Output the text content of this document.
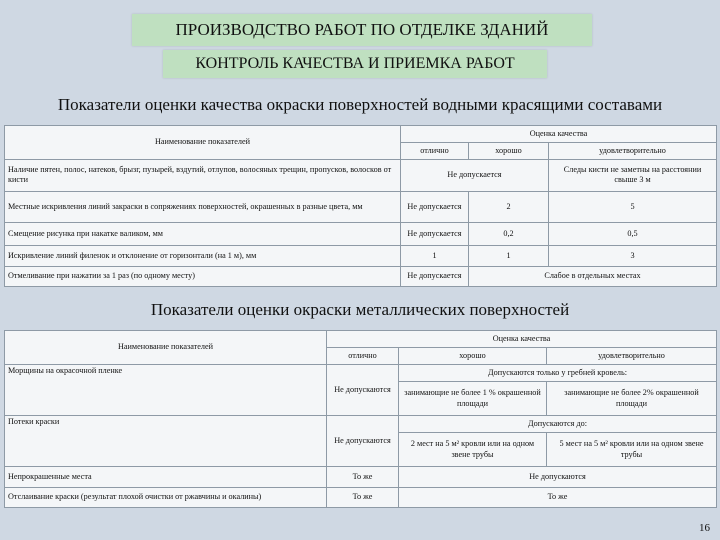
ПРОИЗВОДСТВО РАБОТ ПО ОТДЕЛКЕ ЗДАНИЙ
КОНТРОЛЬ КАЧЕСТВА И ПРИЕМКА РАБОТ
Показатели оценки качества окраски поверхностей водными красящими составами
Наименование показателей	Оценка качества		
	отлично	хорошо	удовлетворительно
Наличие пятен, полос, натеков, брызг, пузырей, вздутий, отлупов, волосяных трещин, пропусков, волосков от кисти	Не допускается		Следы кисти не заметны на расстоянии свыше 3 м
Местные искривления линий закраски в сопряжениях поверхностей, окрашенных в разные цвета, мм	Не допускается	2	5
Смещение рисунка при накатке валиком, мм	Не допускается	0,2	0,5
Искривление линий филенок и отклонение от горизонтали (на 1 м), мм	1	1	3
Отмеливание при нажатии за 1 раз (по одному месту)	Не допускается	Слабое в отдельных местах	
Показатели оценки окраски металлических поверхностей
Наименование показателей	Оценка качества		
	отлично	хорошо	удовлетворительно
Морщины на окрасочной пленке	Не допускаются	Допускаются только у гребней кровель:	
		занимающие не более 1 % окрашенной площади	занимающие не более 2% окрашенной площади
Потеки краски	Не допускаются	Допускаются до:	
		2 мест на 5 м² кровли или на одном звене трубы	5 мест на 5 м² кровли или на одном звене трубы
Непрокрашенные места	То же	Не допускаются	
Отслаивание краски (результат плохой очистки от ржавчины и окалины)	То же	То же	
16
